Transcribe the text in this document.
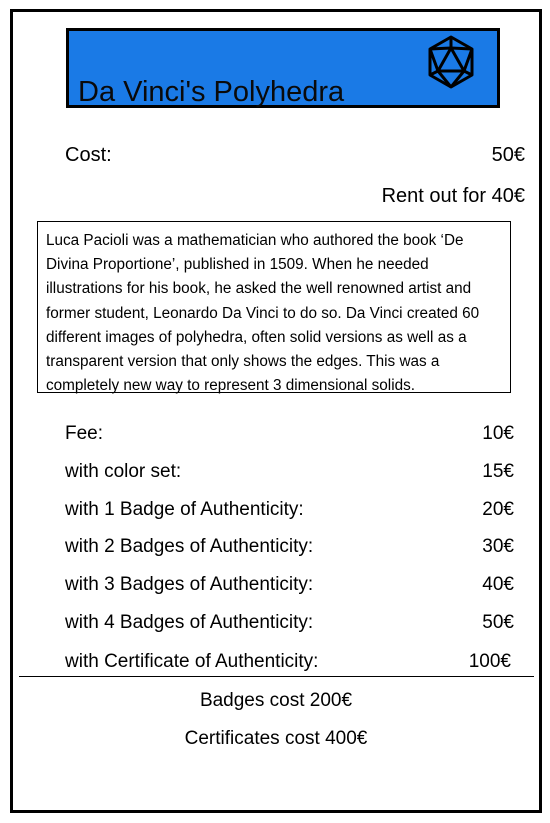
Da Vinci's Polyhedra
Cost:	50€
Rent out for 40€
Luca Pacioli was a mathematician who authored the book ‘De Divina Proportione’, published in 1509. When he needed illustrations for his book, he asked the well renowned artist and former student, Leonardo Da Vinci to do so. Da Vinci created 60 different images of polyhedra, often solid versions as well as a transparent version that only shows the edges. This was a completely new way to represent 3 dimensional solids.
Fee:	10€
with color set:	15€
with 1 Badge of Authenticity:	20€
with 2 Badges of Authenticity:	30€
with 3 Badges of Authenticity:	40€
with 4 Badges of Authenticity:	50€
with Certificate of Authenticity:	100€
Badges cost 200€
Certificates cost 400€
